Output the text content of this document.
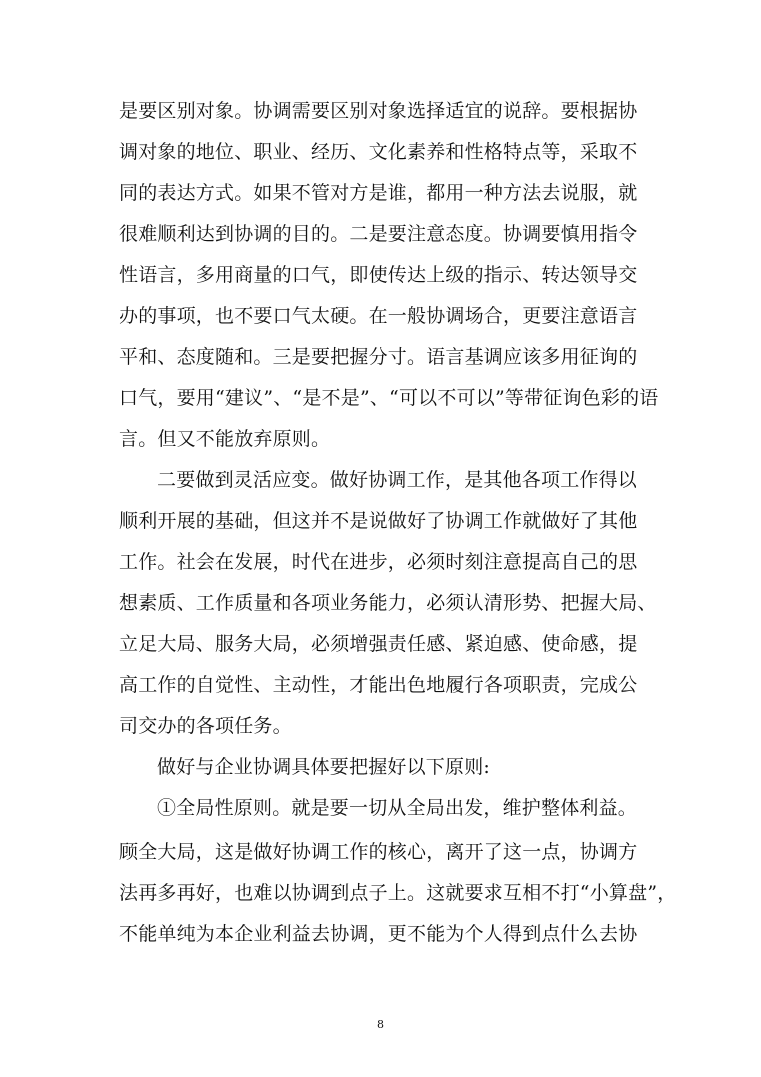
是要区别对象。协调需要区别对象选择适宜的说辞。要根据协
调对象的地位、职业、经历、文化素养和性格特点等，采取不
同的表达方式。如果不管对方是谁，都用一种方法去说服，就
很难顺利达到协调的目的。二是要注意态度。协调要慎用指令
性语言，多用商量的口气，即使传达上级的指示、转达领导交
办的事项，也不要口气太硬。在一般协调场合，更要注意语言
平和、态度随和。三是要把握分寸。语言基调应该多用征询的
口气，要用“建议”、“是不是”、“可以不可以”等带征询色彩的语
言。但又不能放弃原则。
二要做到灵活应变。做好协调工作，是其他各项工作得以
顺利开展的基础，但这并不是说做好了协调工作就做好了其他
工作。社会在发展，时代在进步，必须时刻注意提高自己的思
想素质、工作质量和各项业务能力，必须认清形势、把握大局、
立足大局、服务大局，必须增强责任感、紧迫感、使命感，提
高工作的自觉性、主动性，才能出色地履行各项职责，完成公
司交办的各项任务。
做好与企业协调具体要把握好以下原则:
①全局性原则。就是要一切从全局出发，维护整体利益。
顾全大局，这是做好协调工作的核心，离开了这一点，协调方
法再多再好，也难以协调到点子上。这就要求互相不打“小算盘”，
不能单纯为本企业利益去协调，更不能为个人得到点什么去协
8
